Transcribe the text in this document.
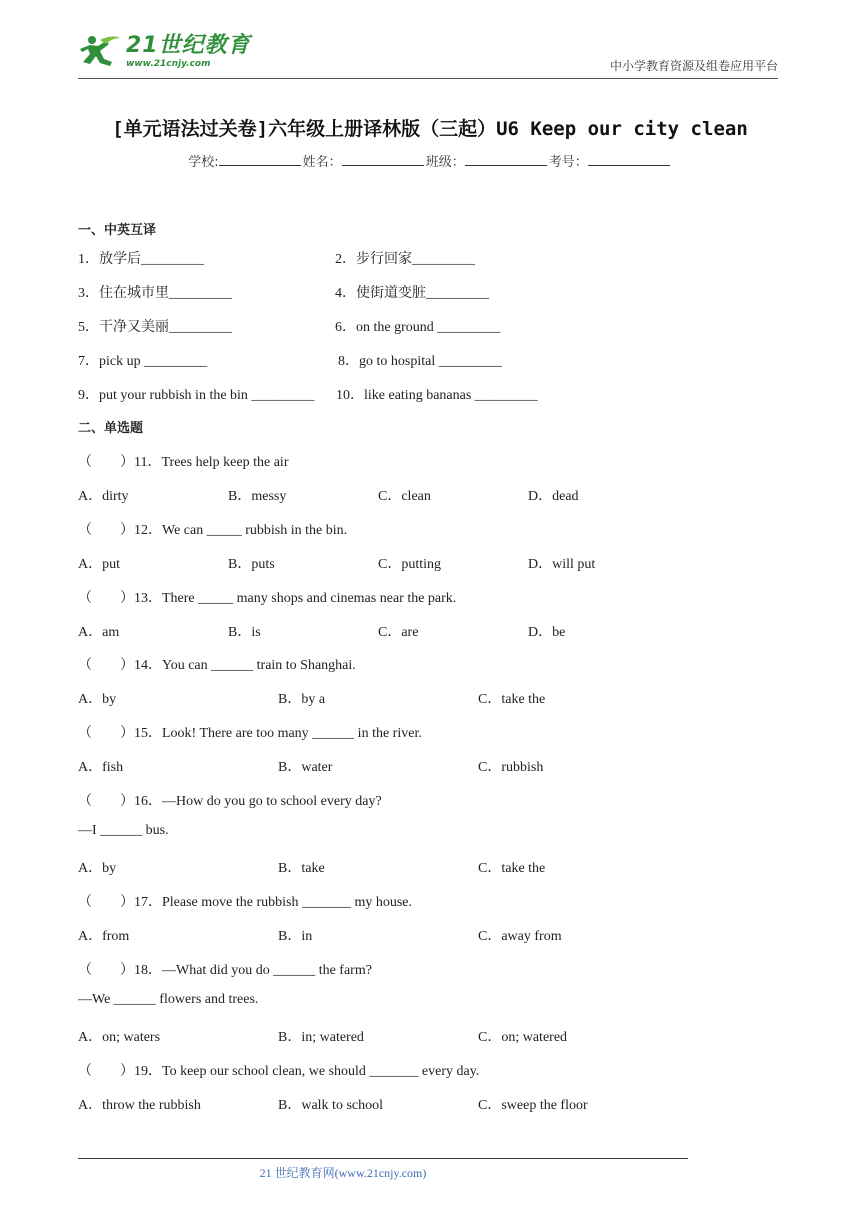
21世纪教育
www.21cnjy.com	中小学教育资源及组卷应用平台
[单元语法过关卷]六年级上册译林版（三起）U6 Keep our city clean
学校:	姓名：	班级：	考号：
一、中英互译
1．放学后_________	2．步行回家_________
3．住在城市里_________	4．使街道变脏_________
5．干净又美丽_________	6．on the ground _________
7．pick up _________	8．go to hospital _________
9．put your rubbish in the bin _________ 10．like eating bananas _________
二、单选题
（　　）11．Trees help keep the air
A．dirty	B．messy	C．clean	D．dead
（　　）12．We can _____ rubbish in the bin.
A．put	B．puts	C．putting	D．will put
（　　）13．There _____ many shops and cinemas near the park.
A．am	B．is	C．are	D．be
（　　）14．You can ______ train to Shanghai.
A．by	B．by a	C．take the
（　　）15．Look! There are too many ______ in the river.
A．fish	B．water	C．rubbish
（　　）16．—How do you go to school every day?
—I ______ bus.
A．by	B．take	C．take the
（　　）17．Please move the rubbish _______ my house.
A．from	B．in	C．away from
（　　）18．—What did you do ______ the farm?
—We ______ flowers and trees.
A．on; waters	B．in; watered	C．on; watered
（　　）19．To keep our school clean, we should _______ every day.
A．throw the rubbish	B．walk to school	C．sweep the floor
21 世纪教育网(www.21cnjy.com)
